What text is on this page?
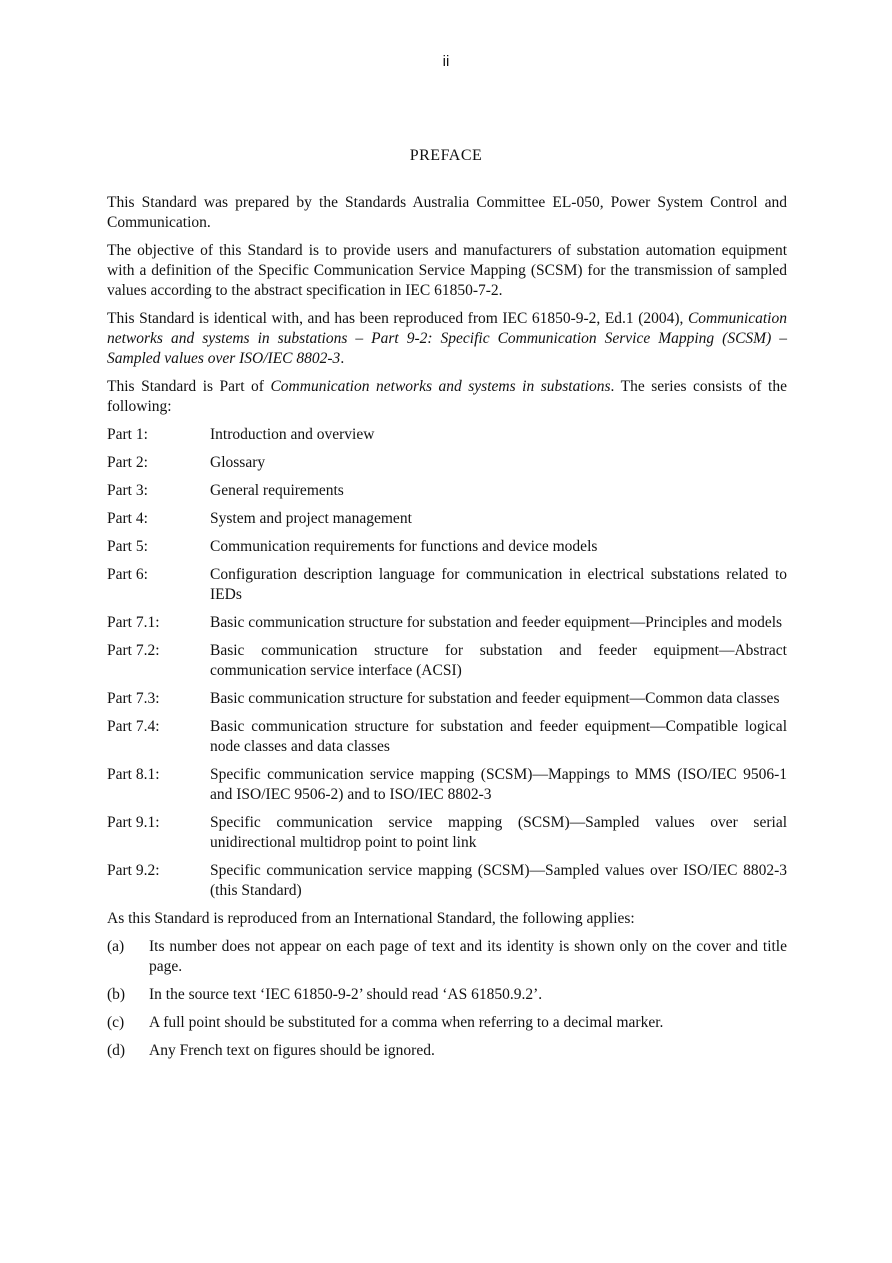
ii
PREFACE

This Standard was prepared by the Standards Australia Committee EL-050, Power System Control and Communication.

The objective of this Standard is to provide users and manufacturers of substation automation equipment with a definition of the Specific Communication Service Mapping (SCSM) for the transmission of sampled values according to the abstract specification in IEC 61850-7-2.

This Standard is identical with, and has been reproduced from IEC 61850-9-2, Ed.1 (2004), Communication networks and systems in substations – Part 9-2: Specific Communication Service Mapping (SCSM) – Sampled values over ISO/IEC 8802-3.

This Standard is Part of Communication networks and systems in substations. The series consists of the following:

Part 1:	Introduction and overview
Part 2:	Glossary
Part 3:	General requirements
Part 4:	System and project management
Part 5:	Communication requirements for functions and device models
Part 6:	Configuration description language for communication in electrical substations related to IEDs
Part 7.1:	Basic communication structure for substation and feeder equipment—Principles and models
Part 7.2:	Basic communication structure for substation and feeder equipment—Abstract communication service interface (ACSI)
Part 7.3:	Basic communication structure for substation and feeder equipment—Common data classes
Part 7.4:	Basic communication structure for substation and feeder equipment—Compatible logical node classes and data classes
Part 8.1:	Specific communication service mapping (SCSM)—Mappings to MMS (ISO/IEC 9506-1 and ISO/IEC 9506-2) and to ISO/IEC 8802-3
Part 9.1:	Specific communication service mapping (SCSM)—Sampled values over serial unidirectional multidrop point to point link
Part 9.2:	Specific communication service mapping (SCSM)—Sampled values over ISO/IEC 8802-3 (this Standard)

As this Standard is reproduced from an International Standard, the following applies:

(a)	Its number does not appear on each page of text and its identity is shown only on the cover and title page.
(b)	In the source text ‘IEC 61850-9-2’ should read ‘AS 61850.9.2’.
(c)	A full point should be substituted for a comma when referring to a decimal marker.
(d)	Any French text on figures should be ignored.
